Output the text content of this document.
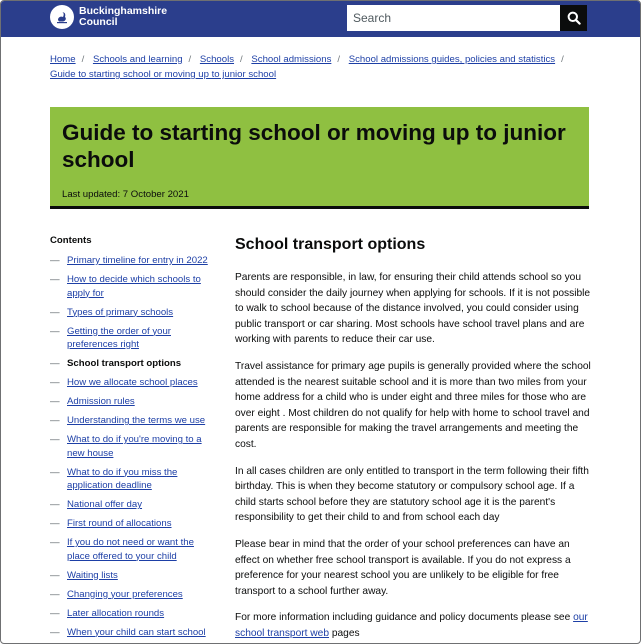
Buckinghamshire
Council
Search
Home / Schools and learning / Schools / School admissions / School admissions guides, policies and statistics /
Guide to starting school or moving up to junior school
Guide to starting school or moving up to junior school
Last updated: 7 October 2021
Contents
— Primary timeline for entry in 2022
— How to decide which schools to apply for
— Types of primary schools
— Getting the order of your preferences right
— School transport options
— How we allocate school places
— Admission rules
— Understanding the terms we use
— What to do if you're moving to a new house
— What to do if you miss the application deadline
— National offer day
— First round of allocations
— If you do not need or want the place offered to your child
— Waiting lists
— Changing your preferences
— Later allocation rounds
— When your child can start school
School transport options

Parents are responsible, in law, for ensuring their child attends school so you should consider the daily journey when applying for schools. If it is not possible to walk to school because of the distance involved, you could consider using public transport or car sharing. Most schools have school travel plans and are working with parents to reduce their car use.

Travel assistance for primary age pupils is generally provided where the school attended is the nearest suitable school and it is more than two miles from your home address for a child who is under eight and three miles for those who are over eight . Most children do not qualify for help with home to school travel and parents are responsible for making the travel arrangements and meeting the cost.

In all cases children are only entitled to transport in the term following their fifth birthday. This is when they become statutory or compulsory school age. If a child starts school before they are statutory school age it is the parent's responsibility to get their child to and from school each day

Please bear in mind that the order of your school preferences can have an effect on whether free school transport is available. If you do not express a preference for your nearest school you are unlikely to be eligible for free transport to a school further away.

For more information including guidance and policy documents please see our school transport web pages
